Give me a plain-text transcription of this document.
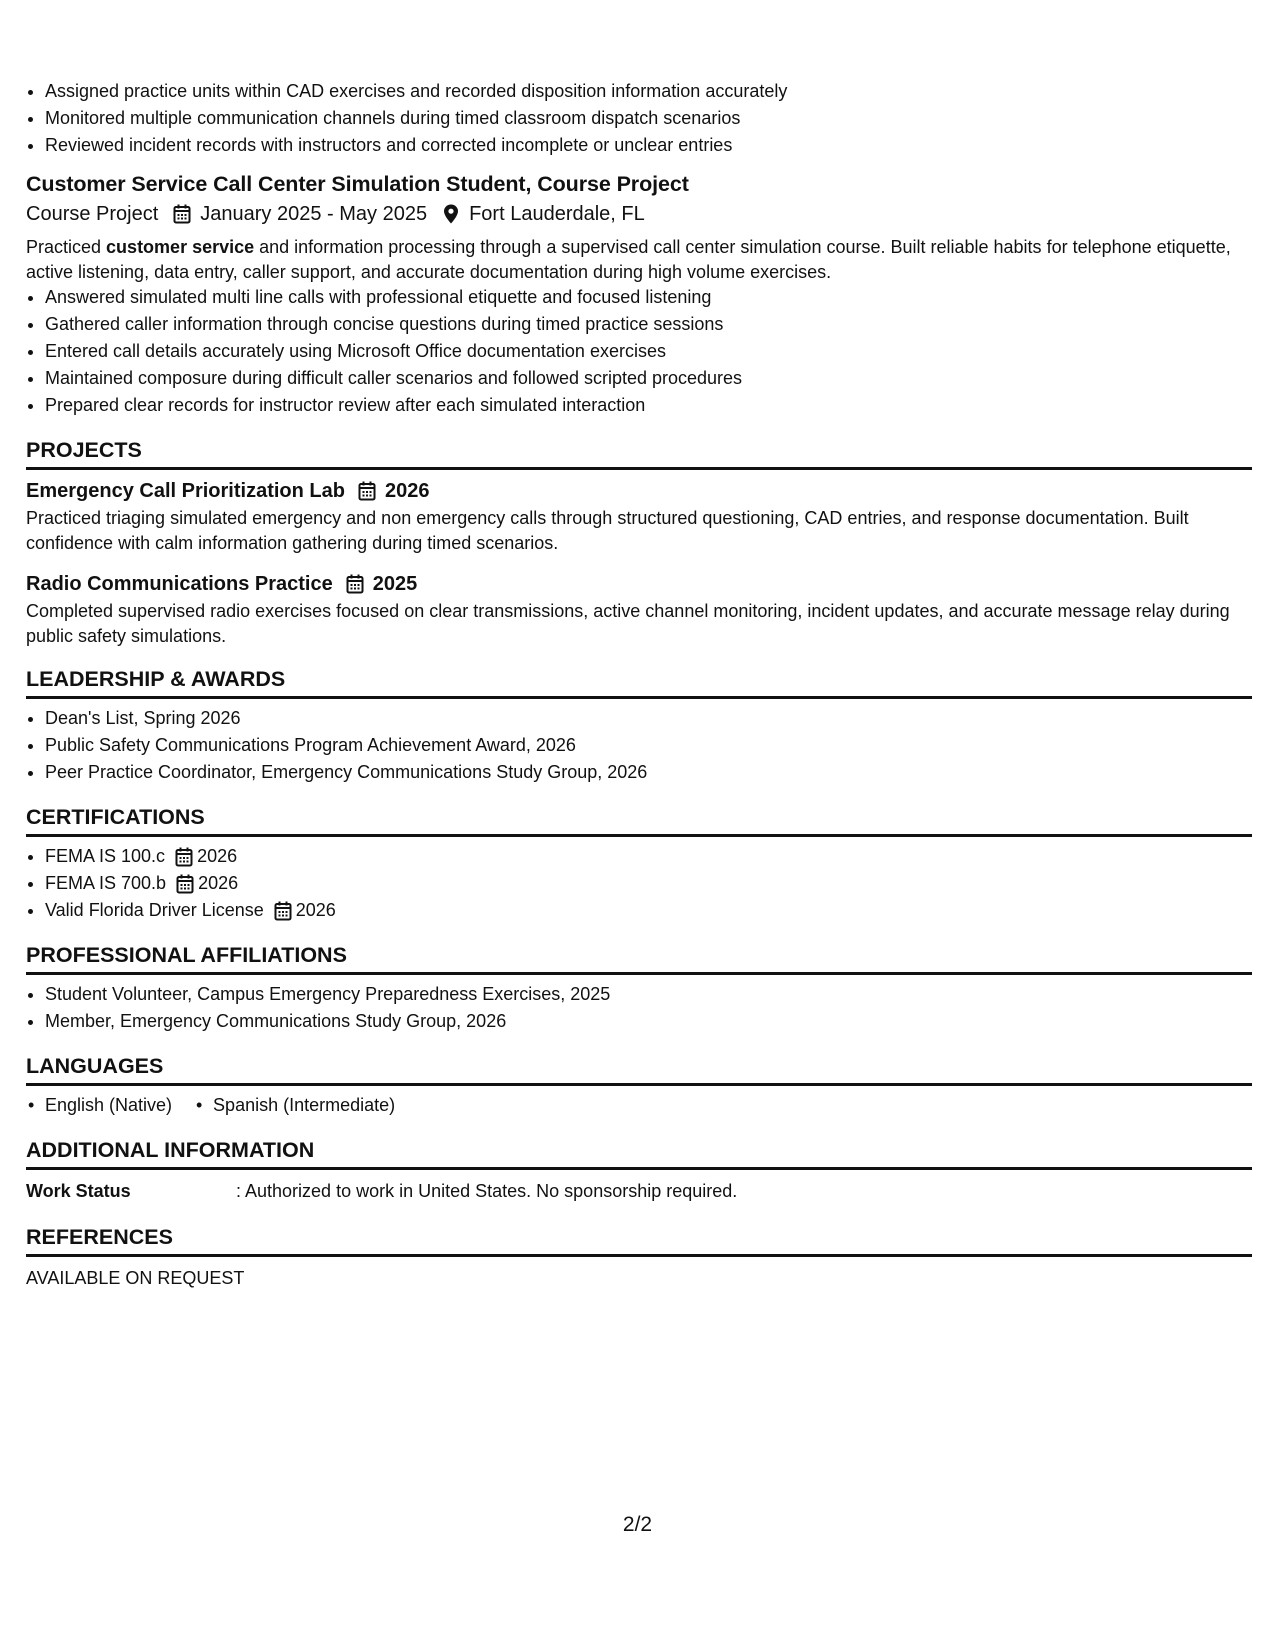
• Assigned practice units within CAD exercises and recorded disposition information accurately
• Monitored multiple communication channels during timed classroom dispatch scenarios
• Reviewed incident records with instructors and corrected incomplete or unclear entries
Customer Service Call Center Simulation Student, Course Project
Course Project January 2025 - May 2025 Fort Lauderdale, FL
Practiced customer service and information processing through a supervised call center simulation course. Built reliable habits for telephone etiquette, active listening, data entry, caller support, and accurate documentation during high volume exercises.
• Answered simulated multi line calls with professional etiquette and focused listening
• Gathered caller information through concise questions during timed practice sessions
• Entered call details accurately using Microsoft Office documentation exercises
• Maintained composure during difficult caller scenarios and followed scripted procedures
• Prepared clear records for instructor review after each simulated interaction
PROJECTS
Emergency Call Prioritization Lab 2026
Practiced triaging simulated emergency and non emergency calls through structured questioning, CAD entries, and response documentation. Built confidence with calm information gathering during timed scenarios.
Radio Communications Practice 2025
Completed supervised radio exercises focused on clear transmissions, active channel monitoring, incident updates, and accurate message relay during public safety simulations.
LEADERSHIP & AWARDS
• Dean's List, Spring 2026
• Public Safety Communications Program Achievement Award, 2026
• Peer Practice Coordinator, Emergency Communications Study Group, 2026
CERTIFICATIONS
• FEMA IS 100.c 2026
• FEMA IS 700.b 2026
• Valid Florida Driver License 2026
PROFESSIONAL AFFILIATIONS
• Student Volunteer, Campus Emergency Preparedness Exercises, 2025
• Member, Emergency Communications Study Group, 2026
LANGUAGES
• English (Native)
•	Spanish (Intermediate)
ADDITIONAL INFORMATION
Work Status	: Authorized to work in United States. No sponsorship required.
REFERENCES
AVAILABLE ON REQUEST
2/2
